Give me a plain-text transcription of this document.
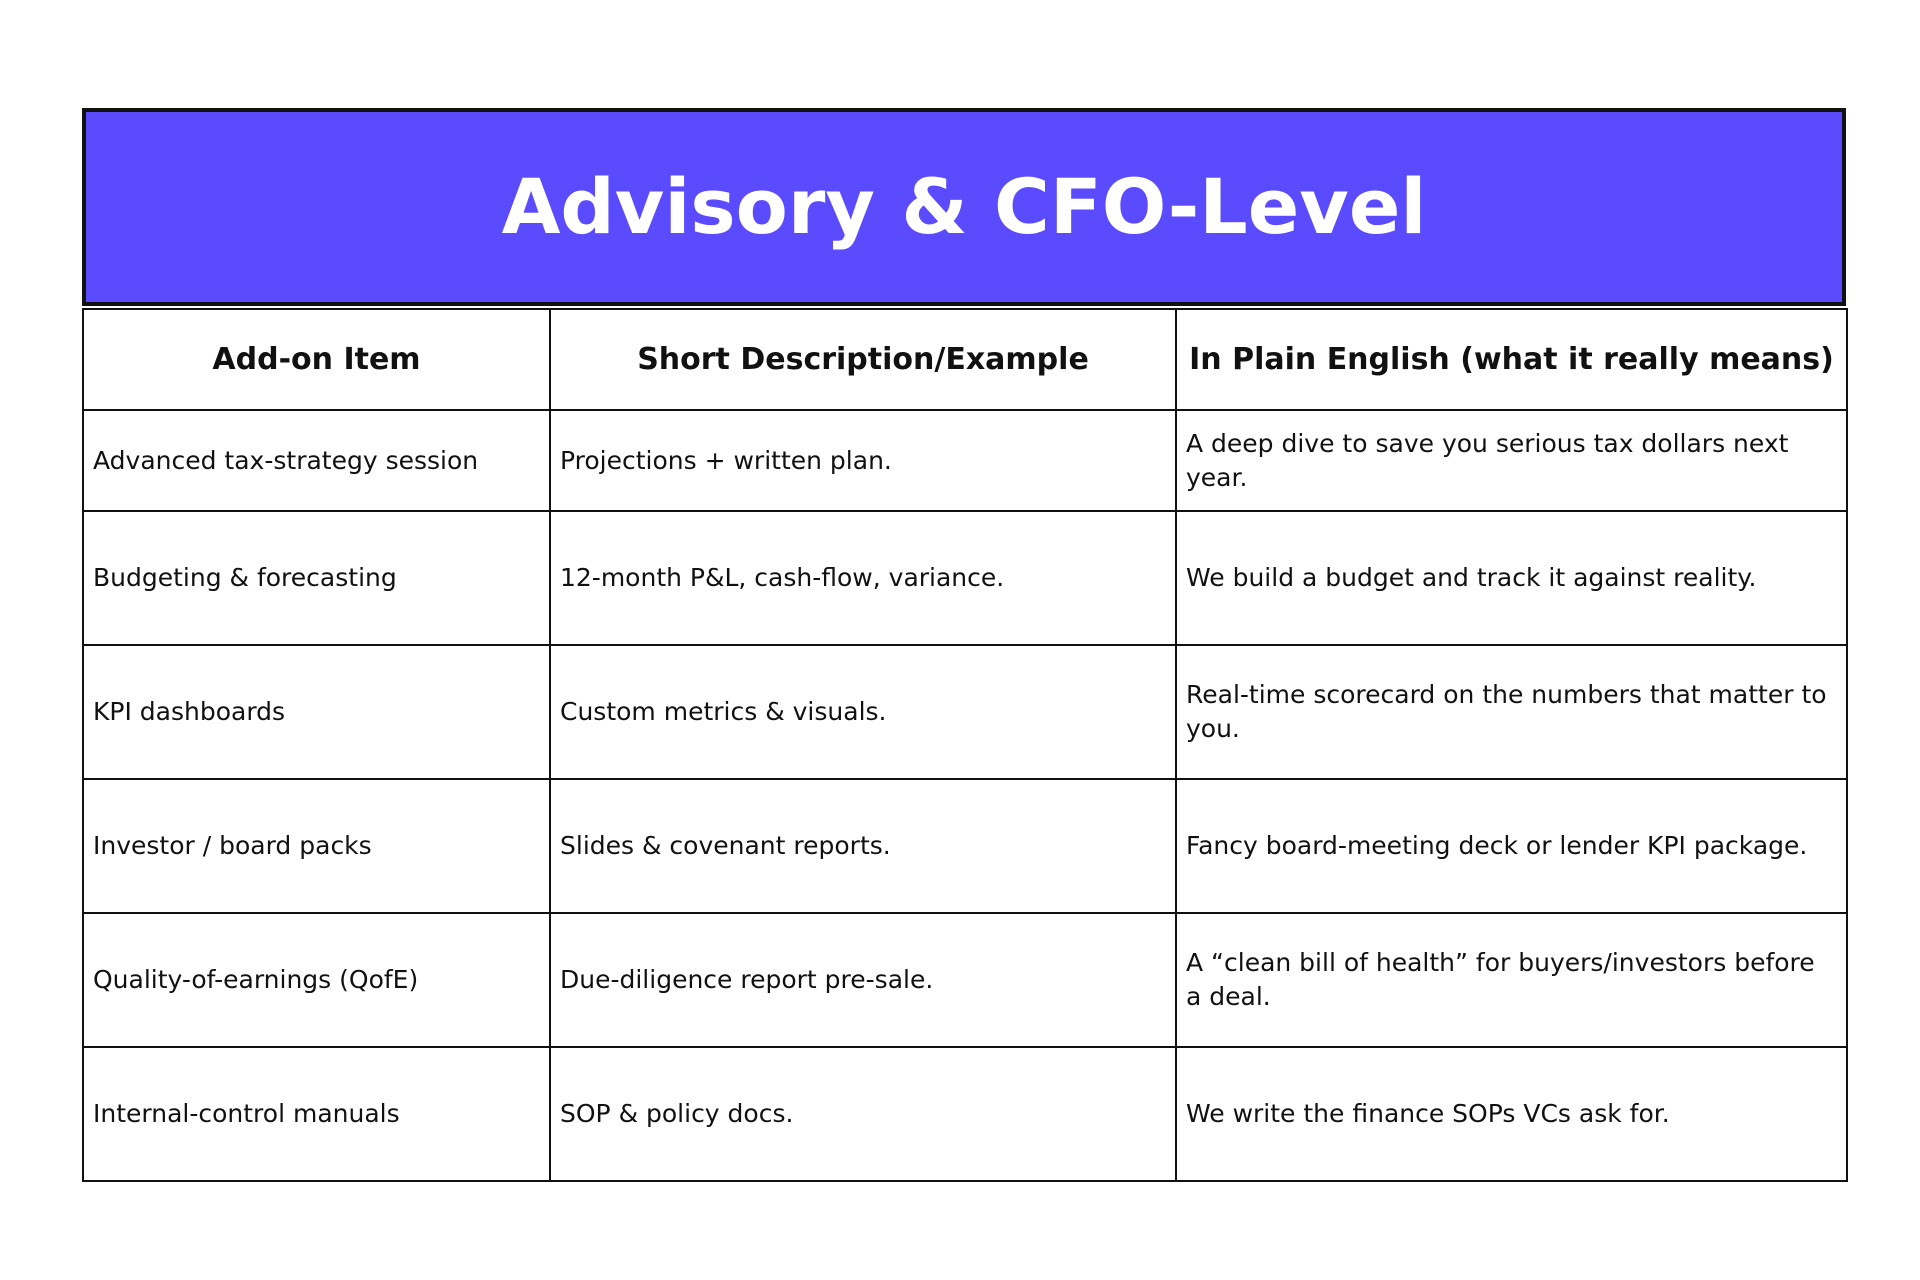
Advisory & CFO-Level
Add-on Item	Short Description/Example	In Plain English (what it really means)
Advanced tax-strategy session	Projections + written plan.	A deep dive to save you serious tax dollars next year.
Budgeting & forecasting	12-month P&L, cash-flow, variance.	We build a budget and track it against reality.
KPI dashboards	Custom metrics & visuals.	Real-time scorecard on the numbers that matter to you.
Investor / board packs	Slides & covenant reports.	Fancy board-meeting deck or lender KPI package.
Quality-of-earnings (QofE)	Due-diligence report pre-sale.	A “clean bill of health” for buyers/investors before a deal.
Internal-control manuals	SOP & policy docs.	We write the finance SOPs VCs ask for.
